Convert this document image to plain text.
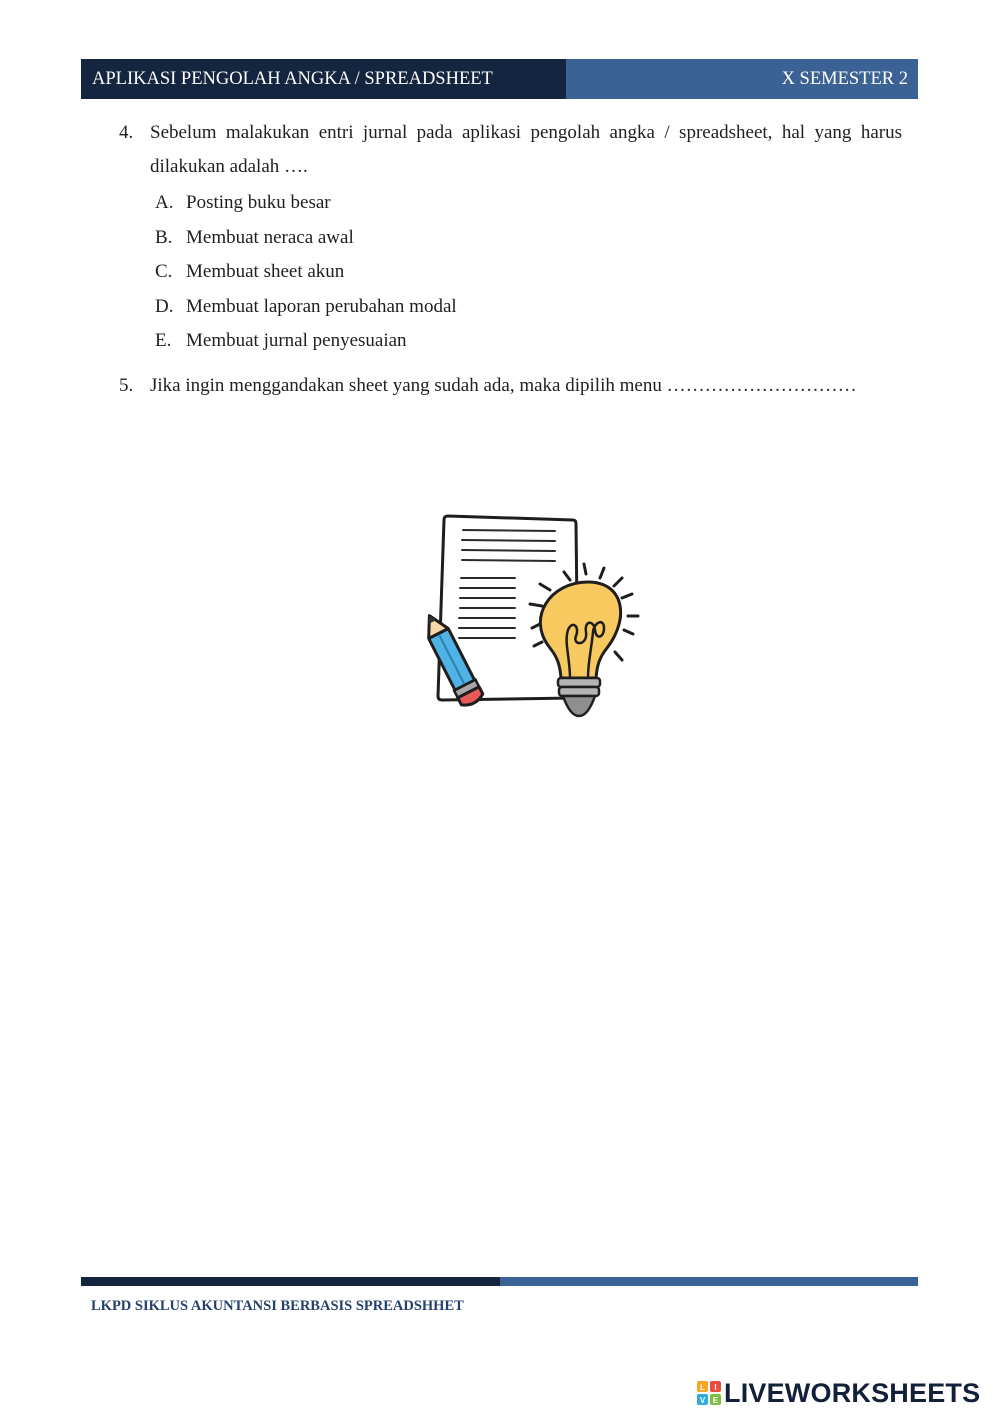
APLIKASI PENGOLAH ANGKA / SPREADSHEET	X SEMESTER 2
4. Sebelum malakukan entri jurnal pada aplikasi pengolah angka / spreadsheet, hal yang harus dilakukan adalah ….
A. Posting buku besar
B. Membuat neraca awal
C. Membuat sheet akun
D. Membuat laporan perubahan modal
E. Membuat jurnal penyesuaian
5. Jika ingin menggandakan sheet yang sudah ada, maka dipilih menu …………………………
LKPD SIKLUS AKUNTANSI BERBASIS SPREADSHHET
L I
V E LIVEWORKSHEETS
